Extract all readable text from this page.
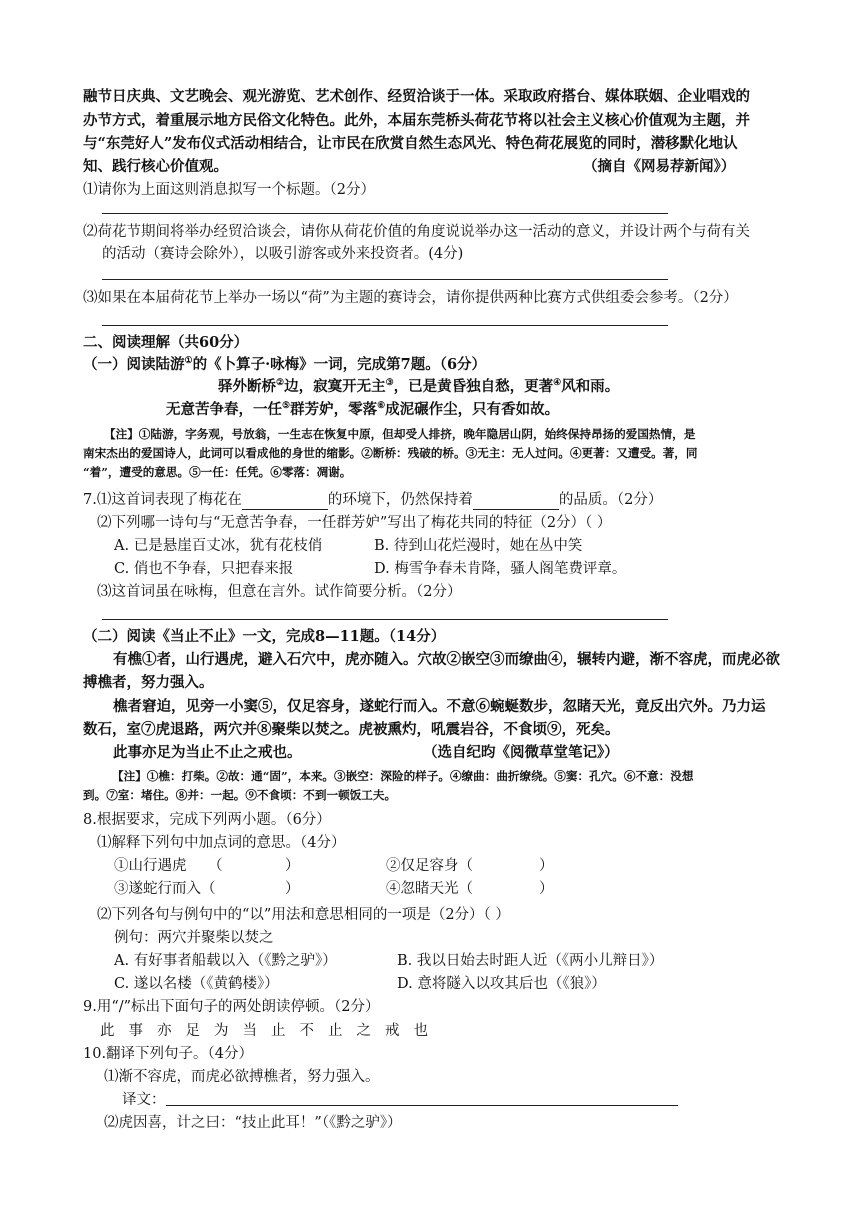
融节日庆典、文艺晚会、观光游览、艺术创作、经贸洽谈于一体。采取政府搭台、媒体联姻、企业唱戏的
办节方式，着重展示地方民俗文化特色。此外，本届东莞桥头荷花节将以社会主义核心价值观为主题，并
与“东莞好人”发布仪式活动相结合，让市民在欣赏自然生态风光、特色荷花展览的同时，潜移默化地认
知、践行核心价值观。	（摘自《网易荐新闻》）
⑴请你为上面这则消息拟写一个标题。（2分）
⑵荷花节期间将举办经贸洽谈会，请你从荷花价值的角度说说举办这一活动的意义，并设计两个与荷有关
的活动（赛诗会除外），以吸引游客或外来投资者。(4分)
⑶如果在本届荷花节上举办一场以“荷”为主题的赛诗会，请你提供两种比赛方式供组委会参考。（2分）
二、阅读理解（共60分）
（一）阅读陆游①的《卜算子·咏梅》一词，完成第7题。（6分）
驿外断桥②边，寂寞开无主③，已是黄昏独自愁，更著④风和雨。
无意苦争春，一任⑤群芳妒，零落⑥成泥碾作尘，只有香如故。
【注】①陆游，字务观，号放翁，一生志在恢复中原，但却受人排挤，晚年隐居山阴，始终保持昂扬的爱国热情，是
南宋杰出的爱国诗人，此词可以看成他的身世的缩影。②断桥：残破的桥。③无主：无人过问。④更著：又遭受。著，同
“着”，遭受的意思。⑤一任：任凭。⑥零落：凋谢。
7.⑴这首词表现了梅花在	的环境下，仍然保持着	的品质。（2分）
⑵下列哪一诗句与“无意苦争春，一任群芳妒”写出了梅花共同的特征（2分）（ ）
A. 已是悬崖百丈冰，犹有花枝俏	B. 待到山花烂漫时，她在丛中笑
C. 俏也不争春，只把春来报	D. 梅雪争春未肯降，骚人阁笔费评章。
⑶这首词虽在咏梅，但意在言外。试作简要分析。（2分）
（二）阅读《当止不止》一文，完成8—11题。（14分）
有樵①者，山行遇虎，避入石穴中，虎亦随入。穴故②嵌空③而缭曲④，辗转内避，渐不容虎，而虎必欲
搏樵者，努力强入。
樵者窘迫，见旁一小窦⑤，仅足容身，遂蛇行而入。不意⑥蜿蜒数步，忽睹天光，竟反出穴外。乃力运
数石，室⑦虎退路，两穴并⑧聚柴以焚之。虎被熏灼，吼震岩谷，不食顷⑨，死矣。
此事亦足为当止不止之戒也。	（选自纪昀《阅微草堂笔记》）
【注】①樵：打柴。②故：通“固”，本来。③嵌空：深险的样子。④缭曲：曲折缭绕。⑤窦：孔穴。⑥不意：没想
到。⑦室：堵住。⑧并：一起。⑨不食顷：不到一顿饭工夫。
8.根据要求，完成下列两小题。（6分）
⑴解释下列句中加点词的意思。（4分）
①山行遇虎 （	）	②仅足容身（	）
③遂蛇行而入（	）	④忽睹天光（	）
⑵下列各句与例句中的“以”用法和意思相同的一项是（2分）（ ）
例句：两穴并聚柴以焚之
A. 有好事者船载以入（《黔之驴》）	B. 我以日始去时距人近（《两小儿辩日》）
C. 遂以名楼（《黄鹤楼》）	D. 意将隧入以攻其后也（《狼》）
9.用“/”标出下面句子的两处朗读停顿。（2分）
此事亦足为当止不止之戒也
10.翻译下列句子。（4分）
⑴渐不容虎，而虎必欲搏樵者，努力强入。
译文：
⑵虎因喜，计之曰：“技止此耳！”（《黔之驴》）
